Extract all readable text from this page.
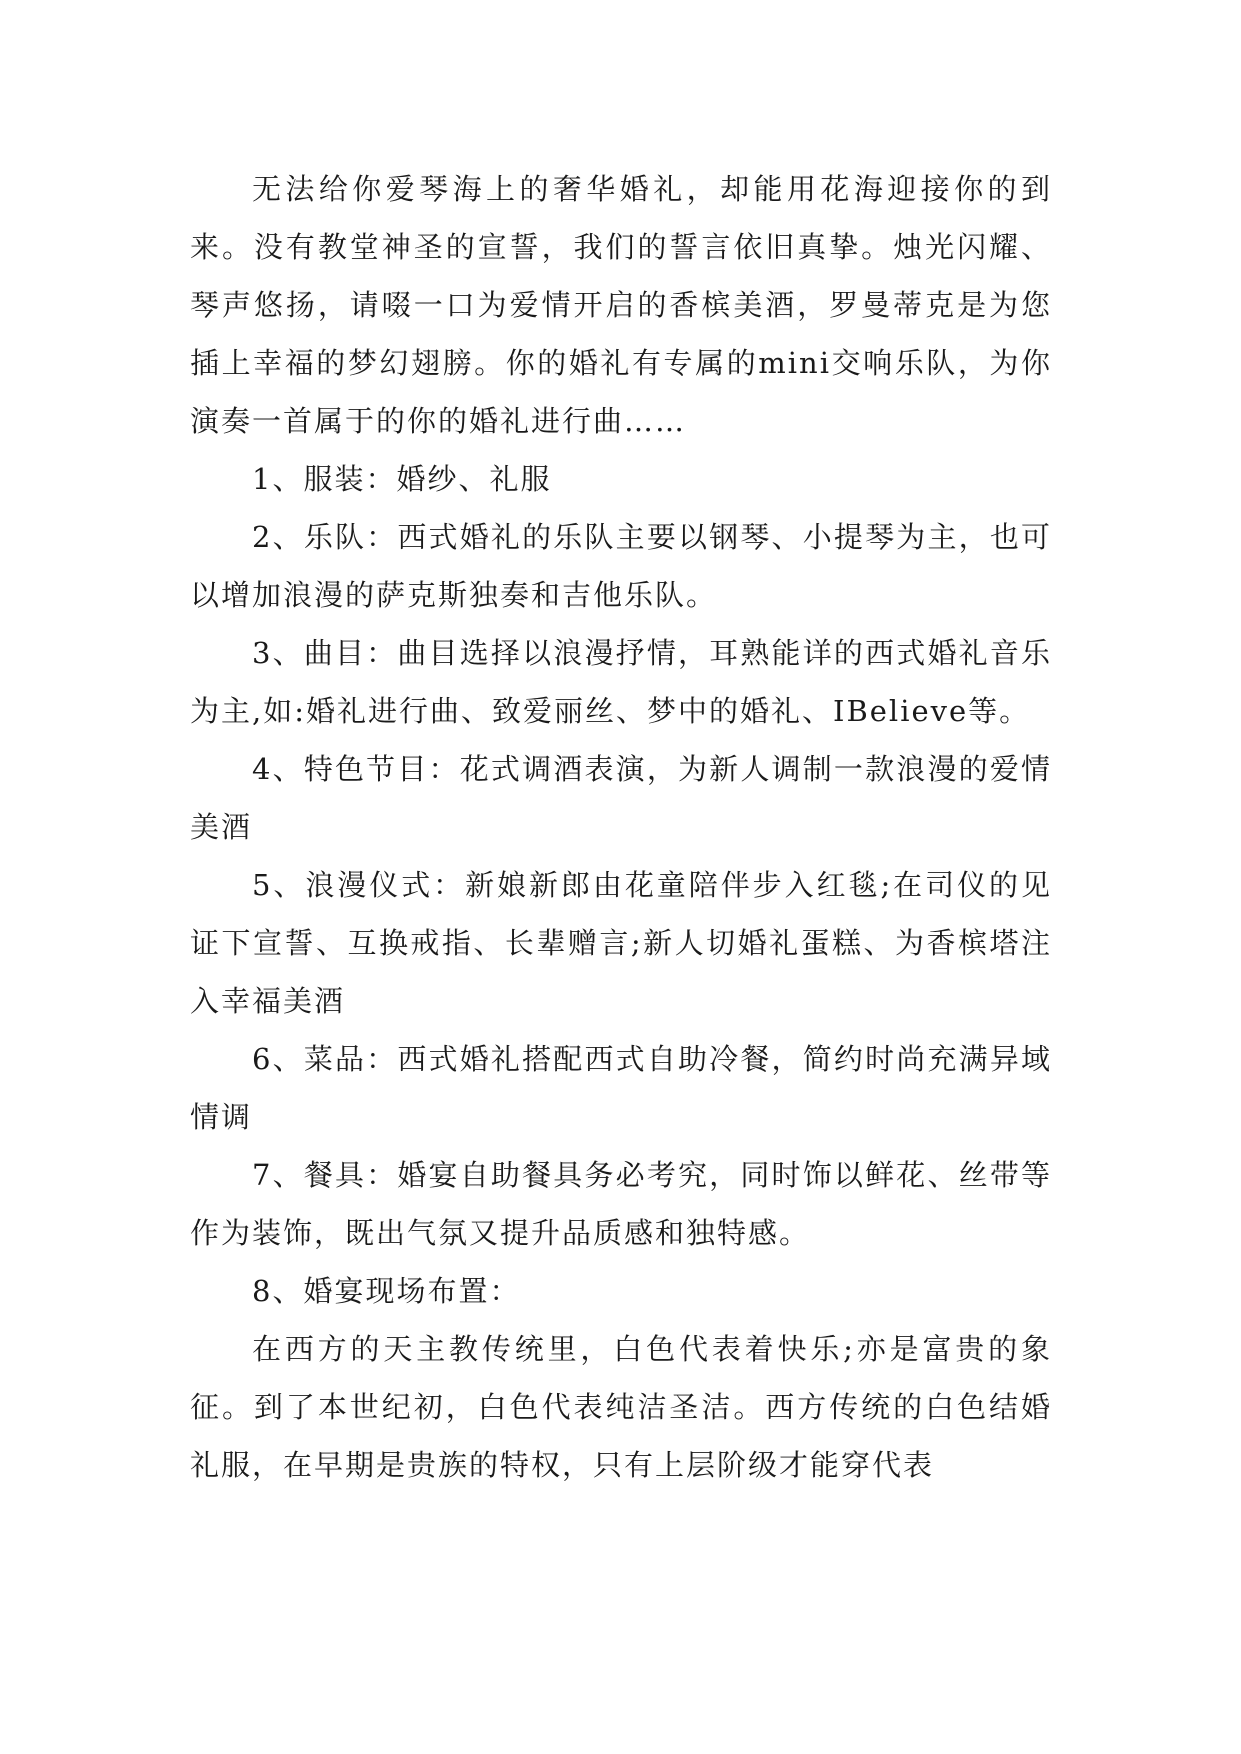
无法给你爱琴海上的奢华婚礼，却能用花海迎接你的到来。没有教堂神圣的宣誓，我们的誓言依旧真挚。烛光闪耀、琴声悠扬，请啜一口为爱情开启的香槟美酒，罗曼蒂克是为您插上幸福的梦幻翅膀。你的婚礼有专属的mini交响乐队，为你演奏一首属于的你的婚礼进行曲……

1、服装：婚纱、礼服

2、乐队：西式婚礼的乐队主要以钢琴、小提琴为主，也可以增加浪漫的萨克斯独奏和吉他乐队。

3、曲目：曲目选择以浪漫抒情，耳熟能详的西式婚礼音乐为主,如:婚礼进行曲、致爱丽丝、梦中的婚礼、IBelieve等。

4、特色节目：花式调酒表演，为新人调制一款浪漫的爱情美酒

5、浪漫仪式：新娘新郎由花童陪伴步入红毯;在司仪的见证下宣誓、互换戒指、长辈赠言;新人切婚礼蛋糕、为香槟塔注入幸福美酒

6、菜品：西式婚礼搭配西式自助冷餐，简约时尚充满异域情调

7、餐具：婚宴自助餐具务必考究，同时饰以鲜花、丝带等作为装饰，既出气氛又提升品质感和独特感。

8、婚宴现场布置：

在西方的天主教传统里，白色代表着快乐;亦是富贵的象征。到了本世纪初，白色代表纯洁圣洁。西方传统的白色结婚礼服，在早期是贵族的特权，只有上层阶级才能穿代表
